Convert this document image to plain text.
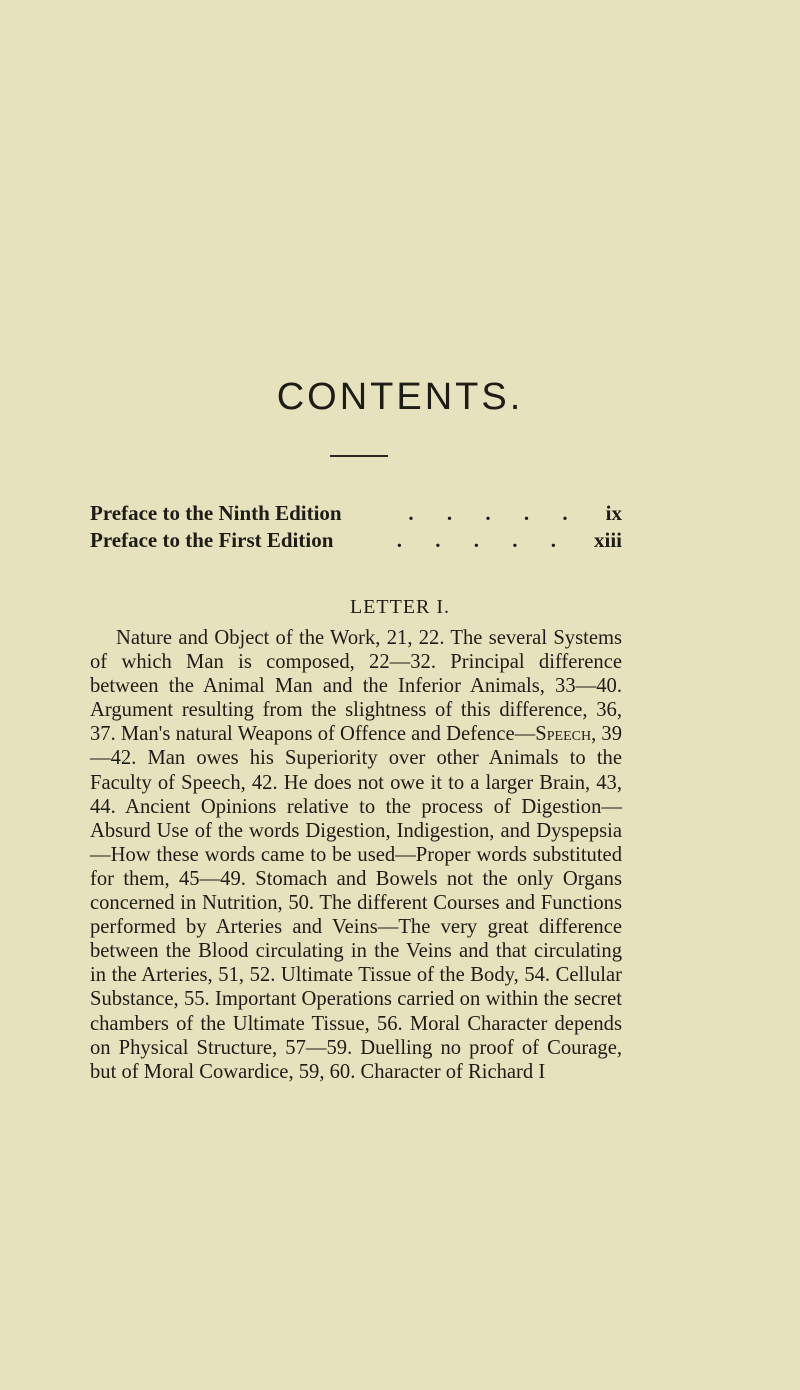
CONTENTS.
Preface to the Ninth Edition	. . . . .	ix
Preface to the First Edition	. . . . .	xiii
LETTER I.

Nature and Object of the Work, 21, 22. The several Systems of which Man is composed, 22—32. Principal difference between the Animal Man and the Inferior Animals, 33—40. Argument resulting from the slightness of this difference, 36, 37. Man's natural Weapons of Offence and Defence—Speech, 39—42. Man owes his Superiority over other Animals to the Faculty of Speech, 42. He does not owe it to a larger Brain, 43, 44. Ancient Opinions relative to the process of Digestion—Absurd Use of the words Digestion, Indigestion, and Dyspepsia—How these words came to be used—Proper words substituted for them, 45—49. Stomach and Bowels not the only Organs concerned in Nutrition, 50. The different Courses and Functions performed by Arteries and Veins—The very great difference between the Blood circulating in the Veins and that circulating in the Arteries, 51, 52. Ultimate Tissue of the Body, 54. Cellular Substance, 55. Important Operations carried on within the secret chambers of the Ultimate Tissue, 56. Moral Character depends on Physical Structure, 57—59. Duelling no proof of Courage, but of Moral Cowardice, 59, 60. Character of Richard I
